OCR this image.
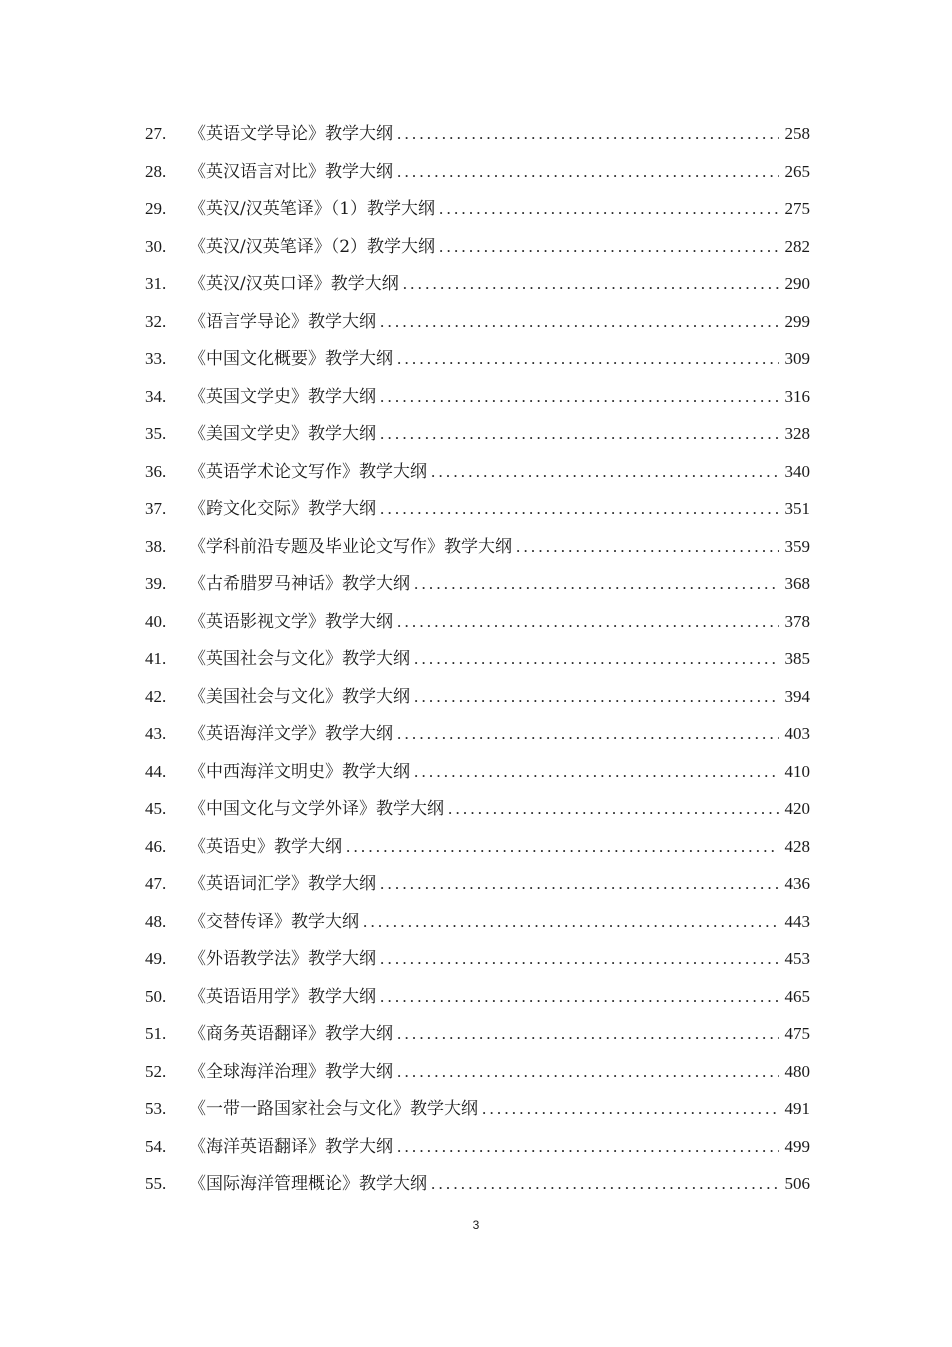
27.	《英语文学导论》教学大纲 .....	258
28.	《英汉语言对比》教学大纲 .....	265
29.	《英汉/汉英笔译》（1）教学大纲 .....	275
30.	《英汉/汉英笔译》（2）教学大纲 .....	282
31.	《英汉/汉英口译》教学大纲 .....	290
32.	《语言学导论》教学大纲 .....	299
33.	《中国文化概要》教学大纲 .....	309
34.	《英国文学史》教学大纲 .....	316
35.	《美国文学史》教学大纲 .....	328
36.	《英语学术论文写作》教学大纲 .....	340
37.	《跨文化交际》教学大纲 .....	351
38.	《学科前沿专题及毕业论文写作》教学大纲 .....	359
39.	《古希腊罗马神话》教学大纲 .....	368
40.	《英语影视文学》教学大纲 .....	378
41.	《英国社会与文化》教学大纲 .....	385
42.	《美国社会与文化》教学大纲 .....	394
43.	《英语海洋文学》教学大纲 .....	403
44.	《中西海洋文明史》教学大纲 .....	410
45.	《中国文化与文学外译》教学大纲 .....	420
46.	《英语史》教学大纲 .....	428
47.	《英语词汇学》教学大纲 .....	436
48.	《交替传译》教学大纲 .....	443
49.	《外语教学法》教学大纲 .....	453
50.	《英语语用学》教学大纲 .....	465
51.	《商务英语翻译》教学大纲 .....	475
52.	《全球海洋治理》教学大纲 .....	480
53.	《一带一路国家社会与文化》教学大纲 .....	491
54.	《海洋英语翻译》教学大纲 .....	499
55.	《国际海洋管理概论》教学大纲 .....	506
3
